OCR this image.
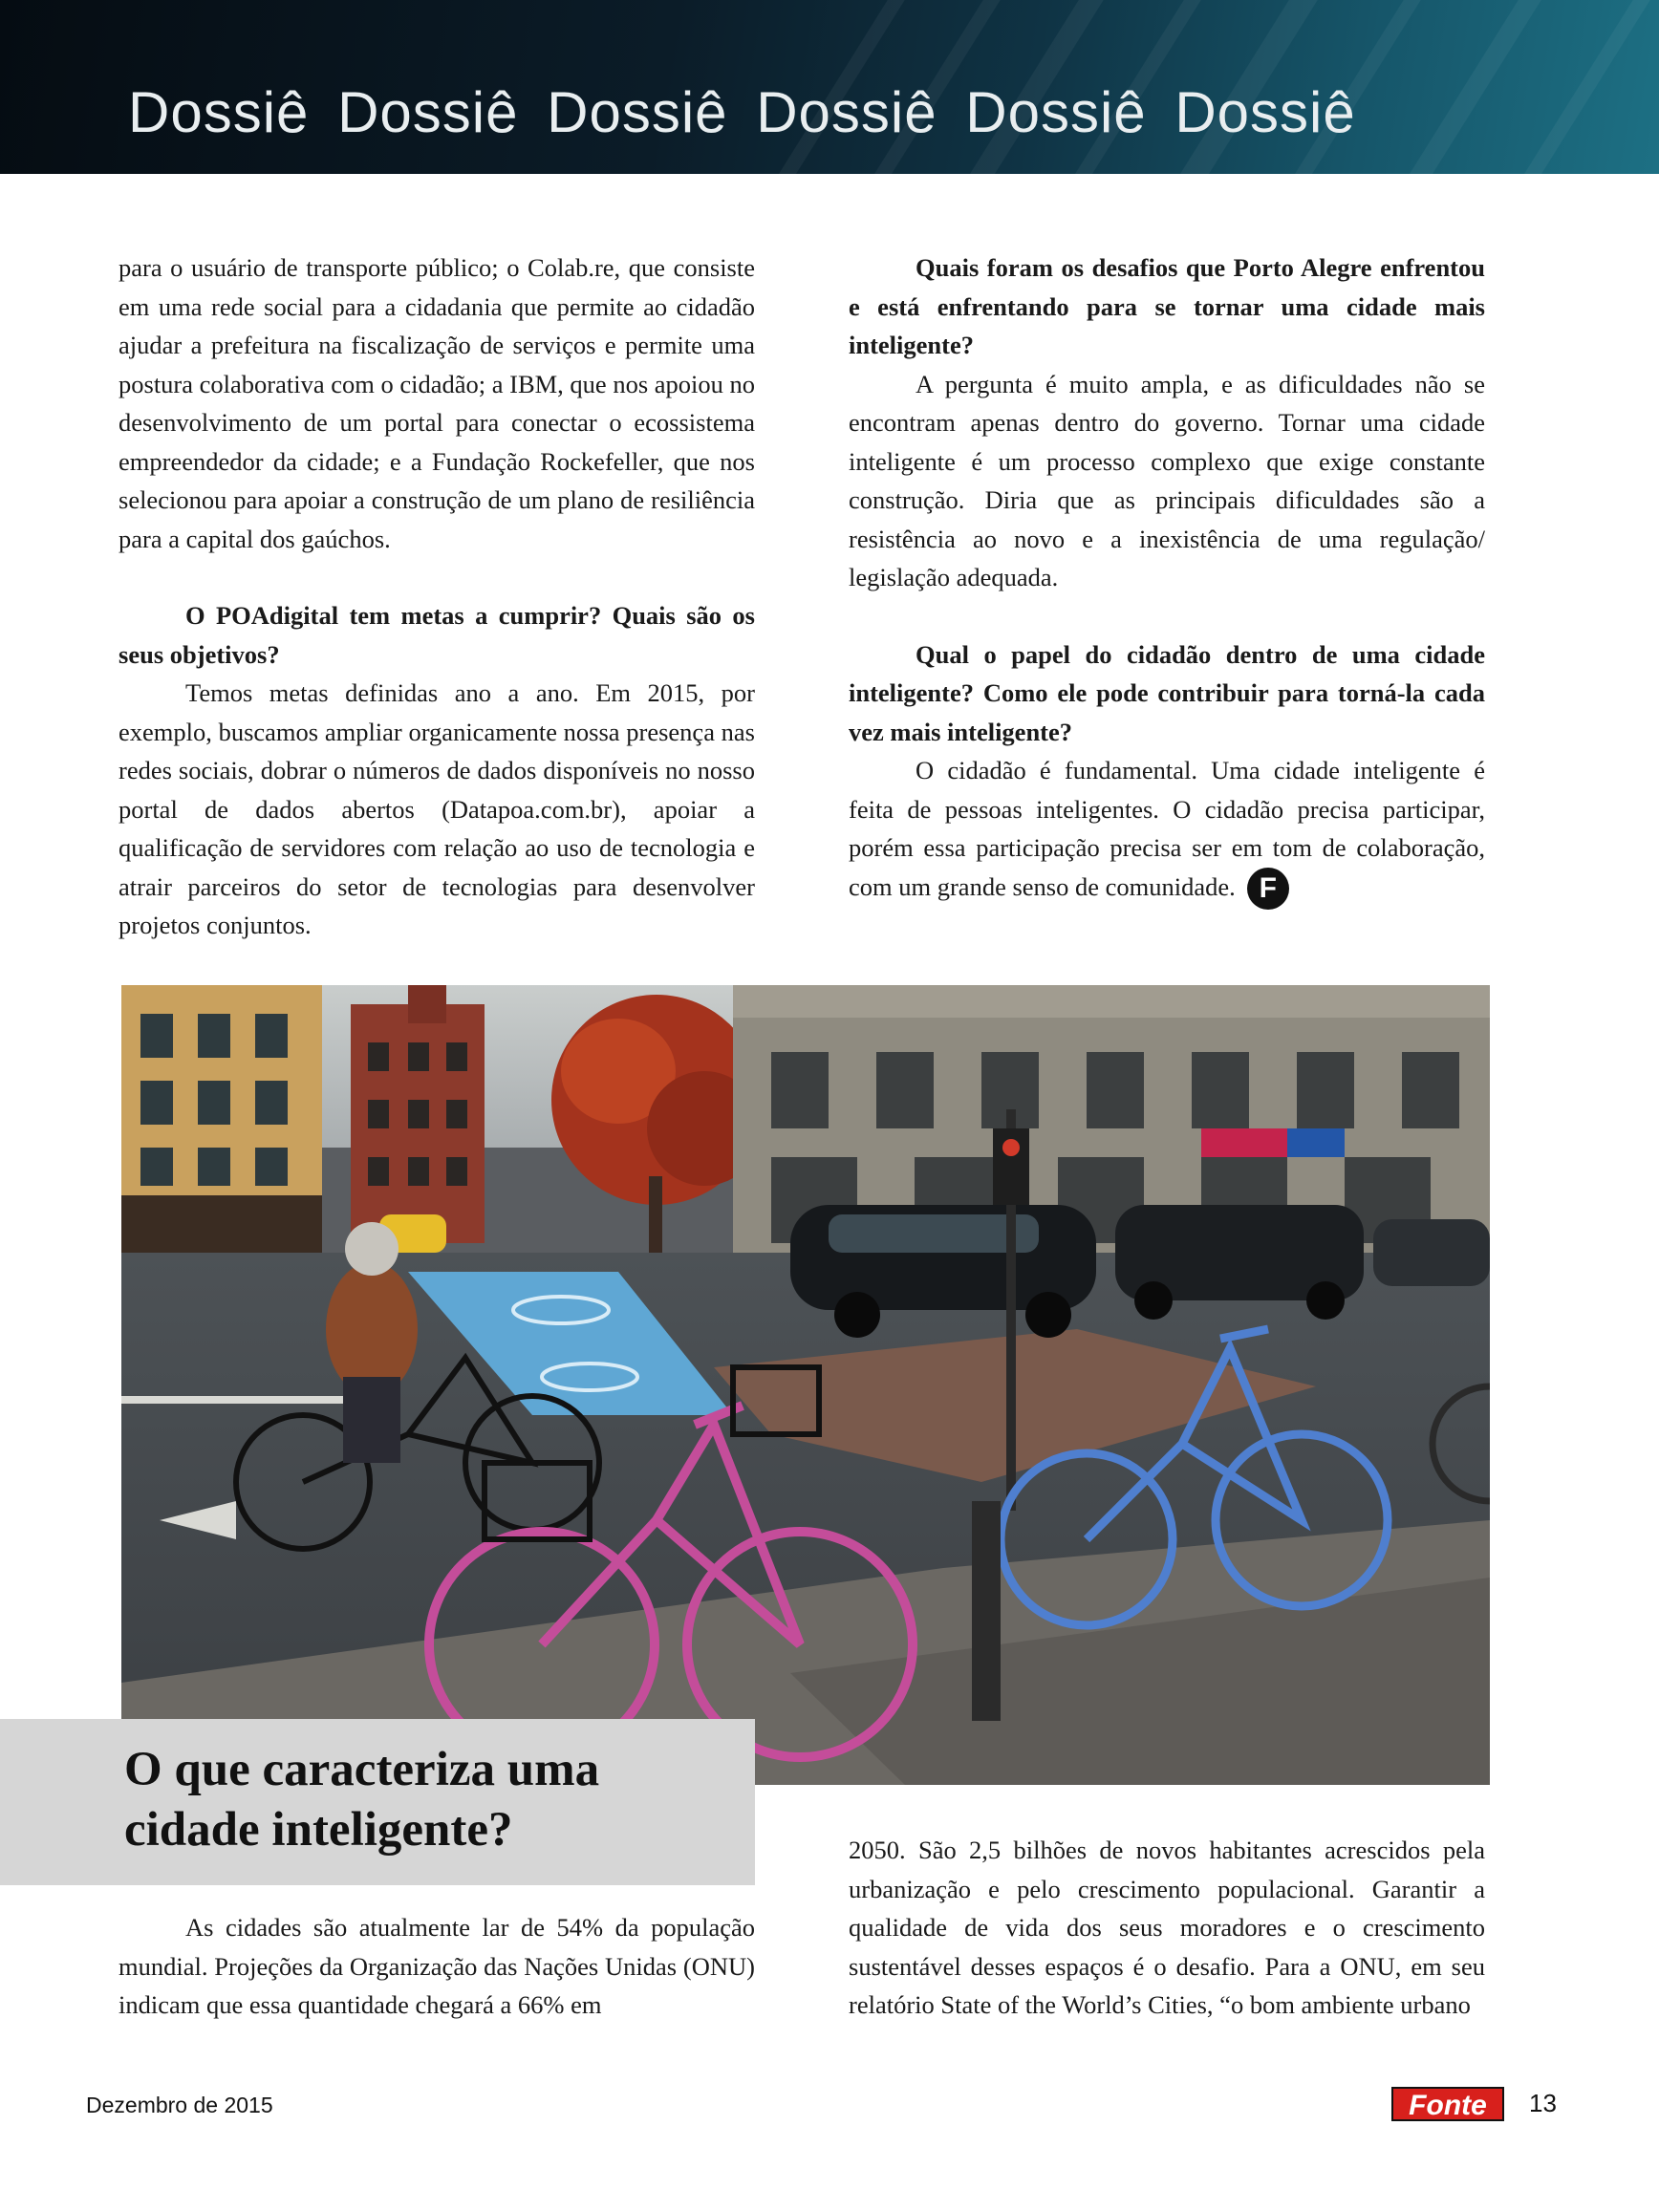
Dossiê Dossiê Dossiê Dossiê Dossiê Dossiê

para o usuário de transporte público; o Colab.re, que consiste em uma rede social para a cidadania que permite ao cidadão ajudar a prefeitura na fiscalização de serviços e permite uma postura colaborativa com o cidadão; a IBM, que nos apoiou no desenvolvimento de um portal para conectar o ecossistema empreendedor da cidade; e a Fundação Rockefeller, que nos selecionou para apoiar a construção de um plano de resiliência para a capital dos gaúchos.

O POAdigital tem metas a cumprir? Quais são os seus objetivos?

Temos metas definidas ano a ano. Em 2015, por exemplo, buscamos ampliar organicamente nossa presença nas redes sociais, dobrar o números de dados disponíveis no nosso portal de dados abertos (Datapoa.com.br), apoiar a qualificação de servidores com relação ao uso de tecnologia e atrair parceiros do setor de tecnologias para desenvolver projetos conjuntos.

Quais foram os desafios que Porto Alegre enfrentou e está enfrentando para se tornar uma cidade mais inteligente?

A pergunta é muito ampla, e as dificuldades não se encontram apenas dentro do governo. Tornar uma cidade inteligente é um processo complexo que exige constante construção. Diria que as principais dificuldades são a resistência ao novo e a inexistência de uma regulação/ legislação adequada.

Qual o papel do cidadão dentro de uma cidade inteligente? Como ele pode contribuir para torná-la cada vez mais inteligente?

O cidadão é fundamental. Uma cidade inteligente é feita de pessoas inteligentes. O cidadão precisa participar, porém essa participação precisa ser em tom de colaboração, com um grande senso de comunidade. F

O que caracteriza uma
cidade inteligente?

As cidades são atualmente lar de 54% da população mundial. Projeções da Organização das Nações Unidas (ONU) indicam que essa quantidade chegará a 66% em

2050. São 2,5 bilhões de novos habitantes acrescidos pela urbanização e pelo crescimento populacional. Garantir a qualidade de vida dos seus moradores e o crescimento sustentável desses espaços é o desafio. Para a ONU, em seu relatório State of the World’s Cities, “o bom ambiente urbano

Dezembro de 2015	Fonte	13
